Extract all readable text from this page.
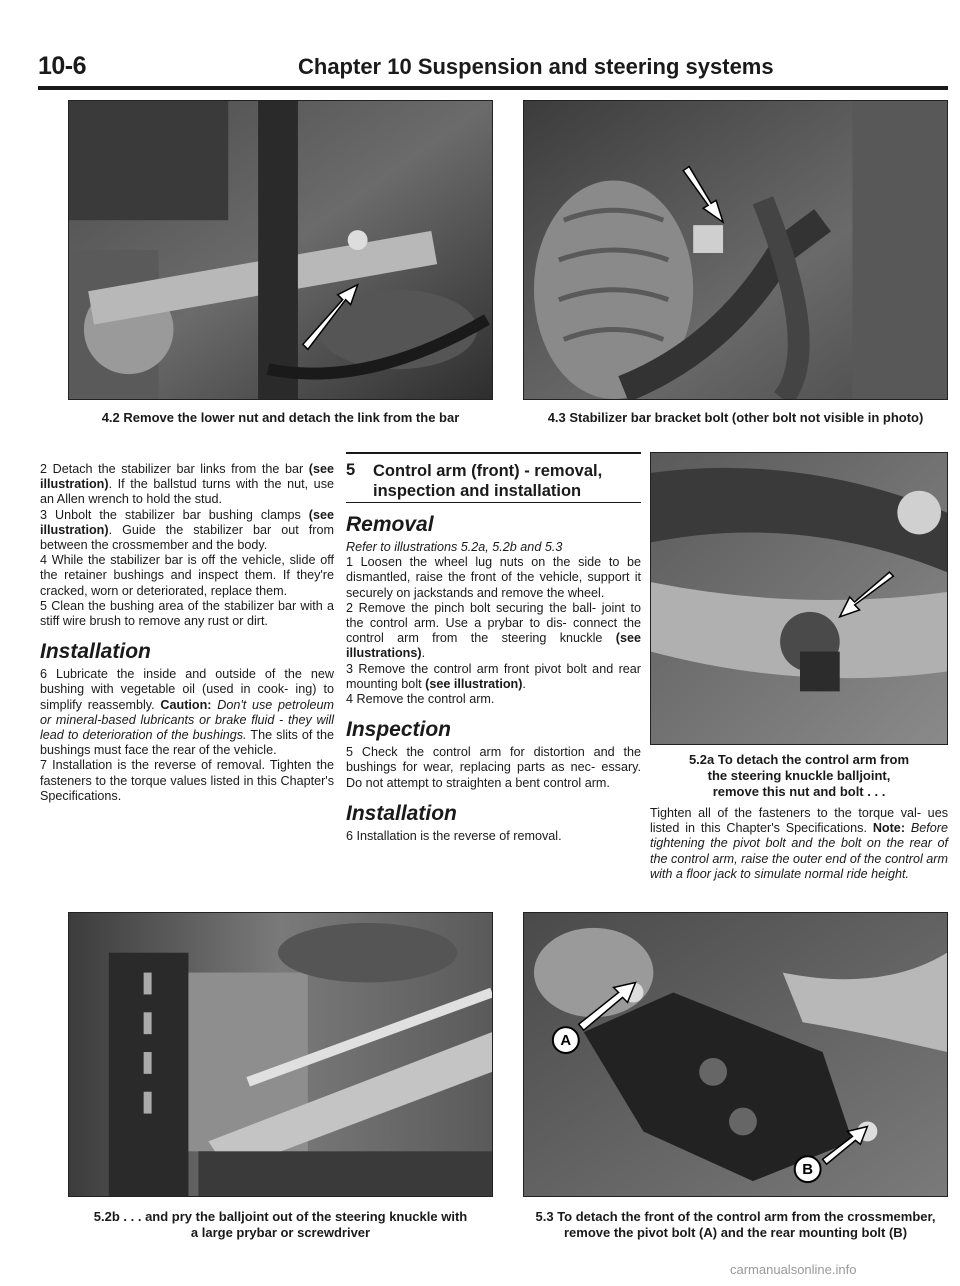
10-6	Chapter 10 Suspension and steering systems
4.2 Remove the lower nut and detach the link from the bar	4.3 Stabilizer bar bracket bolt (other bolt not visible in photo)

2 Detach the stabilizer bar links from the bar (see illustration). If the ballstud turns with the nut, use an Allen wrench to hold the stud.

3 Unbolt the stabilizer bar bushing clamps (see illustration). Guide the stabilizer bar out from between the crossmember and the body.

4 While the stabilizer bar is off the vehicle, slide off the retainer bushings and inspect them. If they're cracked, worn or deteriorated, replace them.

5 Clean the bushing area of the stabilizer bar with a stiff wire brush to remove any rust or dirt.

Installation

6 Lubricate the inside and outside of the new bushing with vegetable oil (used in cook- ing) to simplify reassembly. Caution: Don't use petroleum or mineral-based lubricants or brake fluid - they will lead to deterioration of the bushings. The slits of the bushings must face the rear of the vehicle.

7 Installation is the reverse of removal. Tighten the fasteners to the torque values listed in this Chapter's Specifications.

5 Control arm (front) - removal, inspection and installation
Removal

Refer to illustrations 5.2a, 5.2b and 5.3

1 Loosen the wheel lug nuts on the side to be dismantled, raise the front of the vehicle, support it securely on jackstands and remove the wheel.

2 Remove the pinch bolt securing the ball- joint to the control arm. Use a prybar to dis- connect the control arm from the steering knuckle (see illustrations).

3 Remove the control arm front pivot bolt and rear mounting bolt (see illustration).

4 Remove the control arm.

Inspection

5 Check the control arm for distortion and the bushings for wear, replacing parts as nec- essary. Do not attempt to straighten a bent control arm.

Installation

6 Installation is the reverse of removal.

5.2a To detach the control arm from
the steering knuckle balljoint,
remove this nut and bolt . . .

Tighten all of the fasteners to the torque val- ues listed in this Chapter's Specifications. Note: Before tightening the pivot bolt and the bolt on the rear of the control arm, raise the outer end of the control arm with a floor jack to simulate normal ride height.

5.2b . . . and pry the balljoint out of the steering knuckle with
a large prybar or screwdriver
A
B
5.3 To detach the front of the control arm from the crossmember,
remove the pivot bolt (A) and the rear mounting bolt (B)
carmanualsonline.info
